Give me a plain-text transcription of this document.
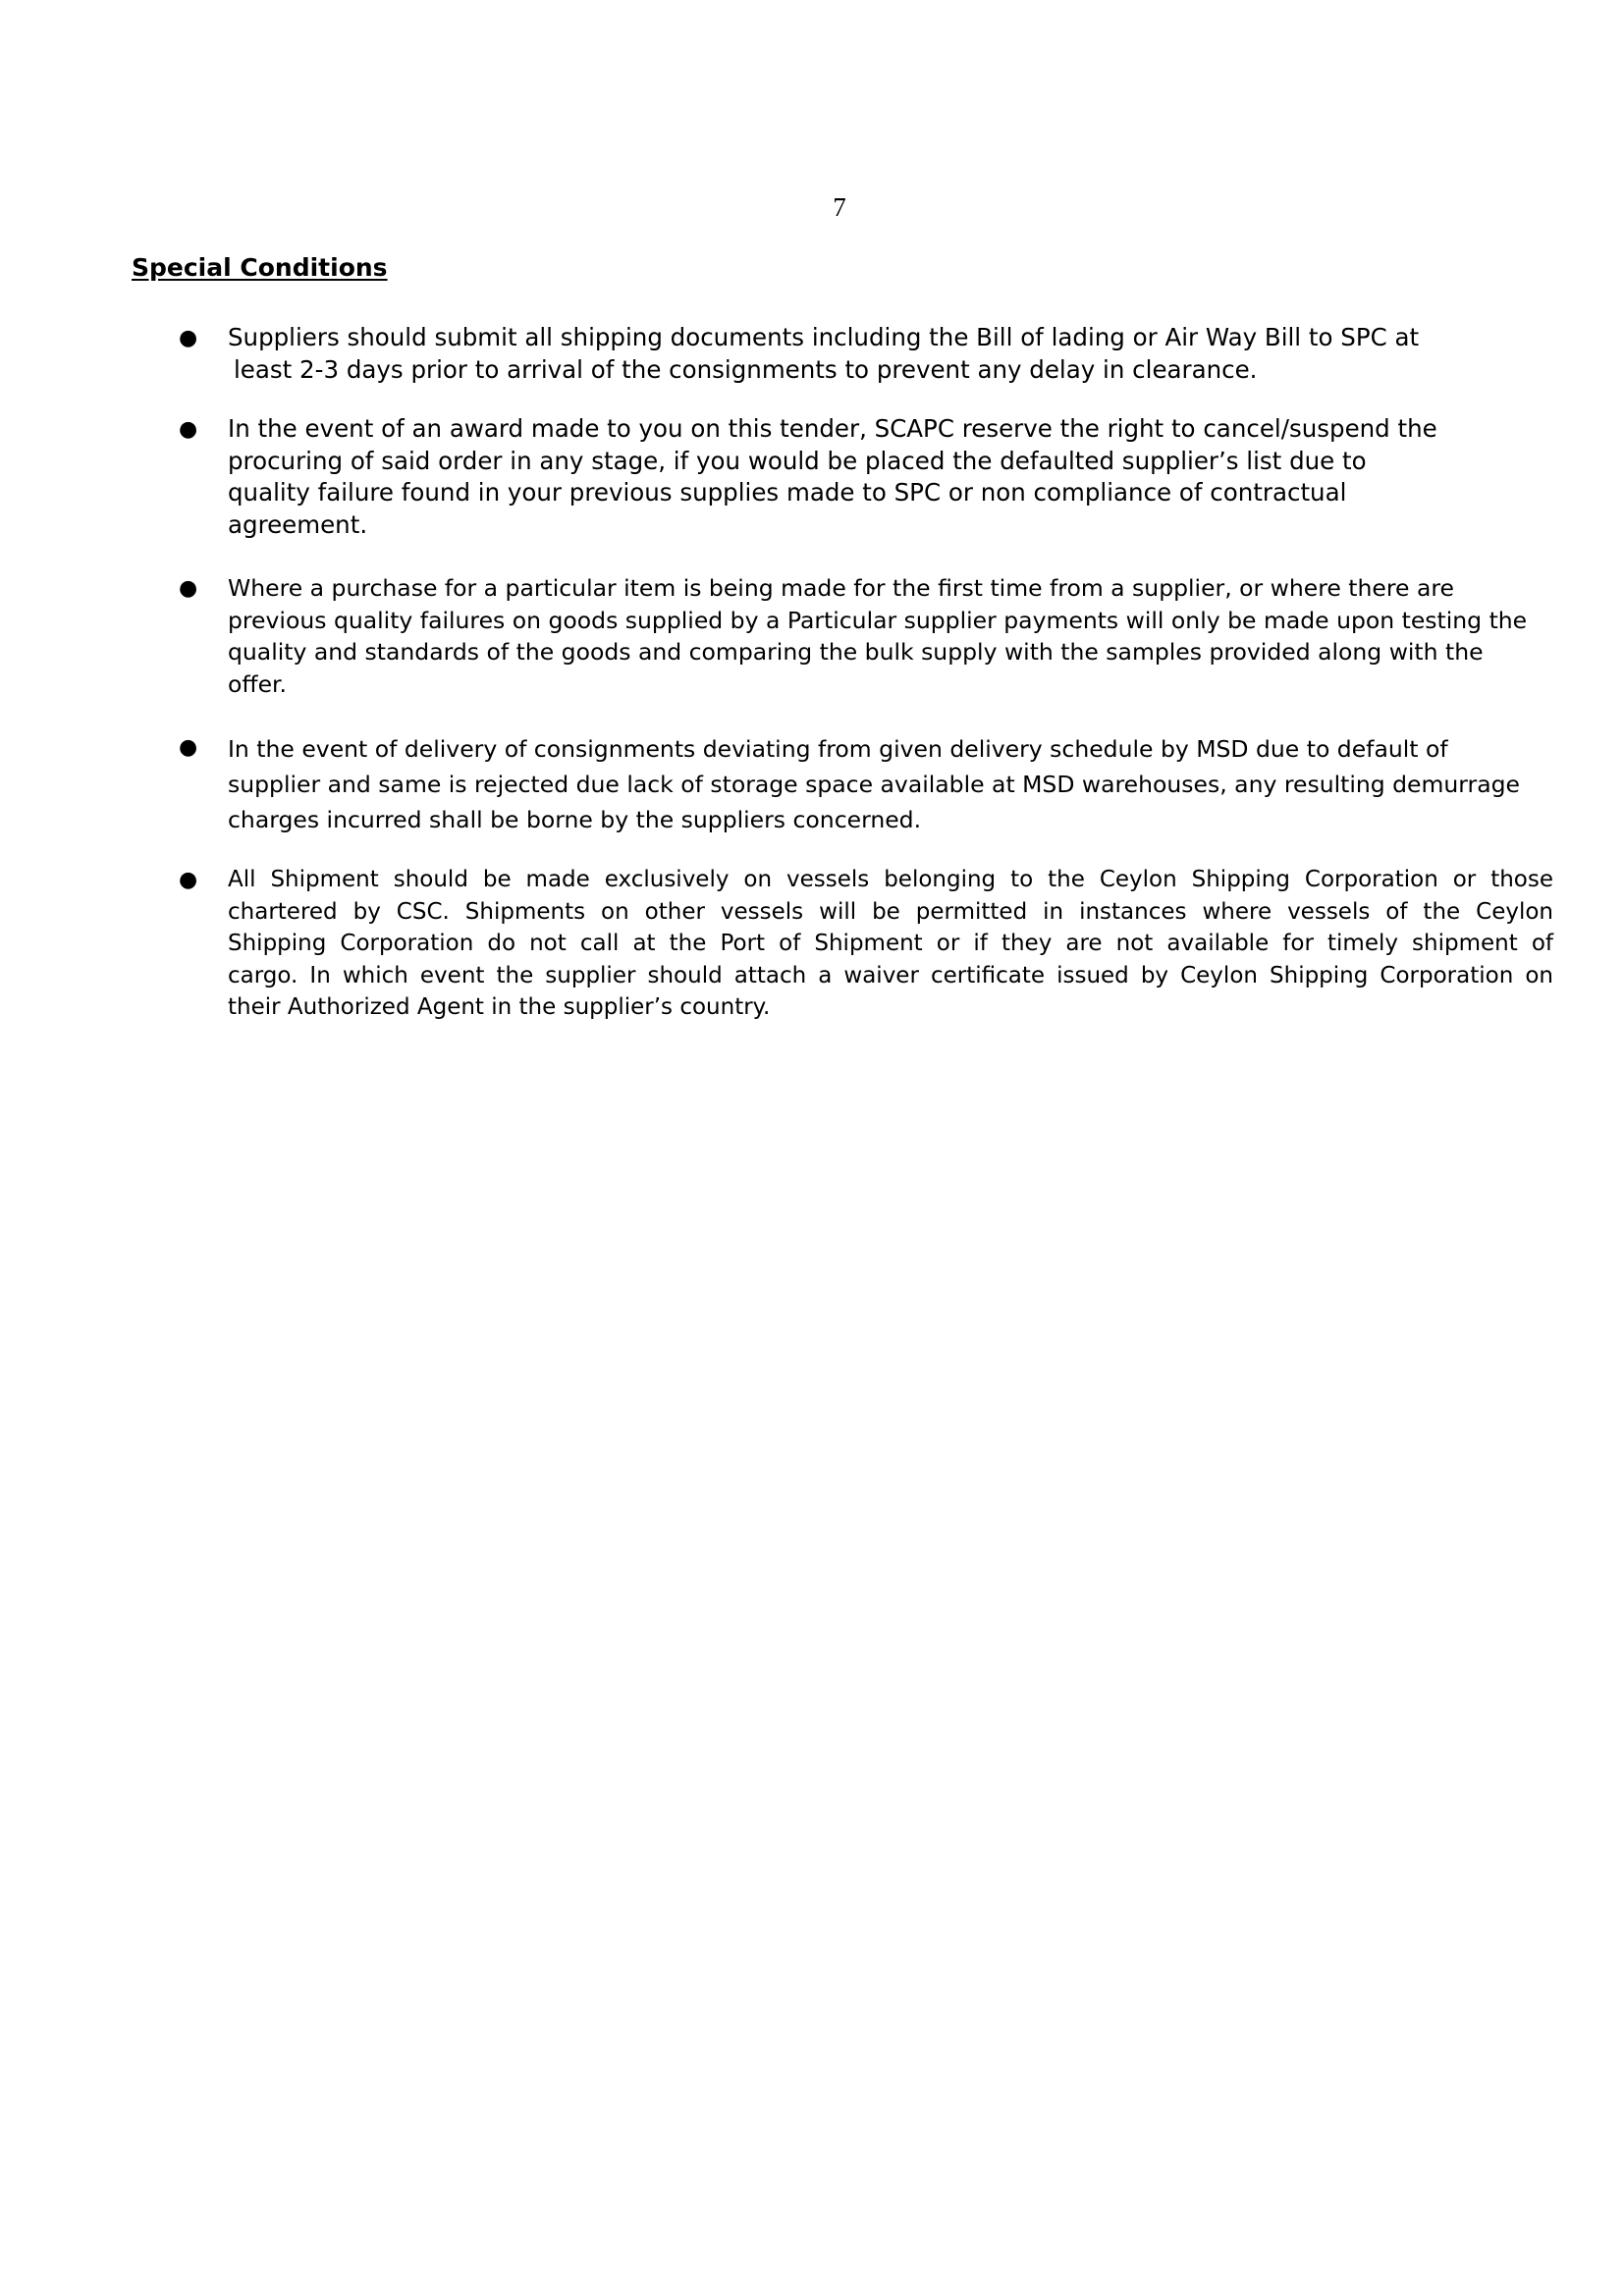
7
Special Conditions
● Suppliers should submit all shipping documents including the Bill of lading or Air Way Bill to SPC at
least 2-3 days prior to arrival of the consignments to prevent any delay in clearance.

● In the event of an award made to you on this tender, SCAPC reserve the right to cancel/suspend the
procuring of said order in any stage, if you would be placed the defaulted supplier’s list due to
quality failure found in your previous supplies made to SPC or non compliance of contractual
agreement.

● Where a purchase for a particular item is being made for the first time from a supplier, or where there are
previous quality failures on goods supplied by a Particular supplier payments will only be made upon testing the
quality and standards of the goods and comparing the bulk supply with the samples provided along with the
offer.

● In the event of delivery of consignments deviating from given delivery schedule by MSD due to default of
supplier and same is rejected due lack of storage space available at MSD warehouses, any resulting demurrage
charges incurred shall be borne by the suppliers concerned.

● All Shipment should be made exclusively on vessels belonging to the Ceylon Shipping Corporation or those
chartered by CSC. Shipments on other vessels will be permitted in instances where vessels of the Ceylon
Shipping Corporation do not call at the Port of Shipment or if they are not available for timely shipment of
cargo. In which event the supplier should attach a waiver certificate issued by Ceylon Shipping Corporation on
their Authorized Agent in the supplier’s country.
